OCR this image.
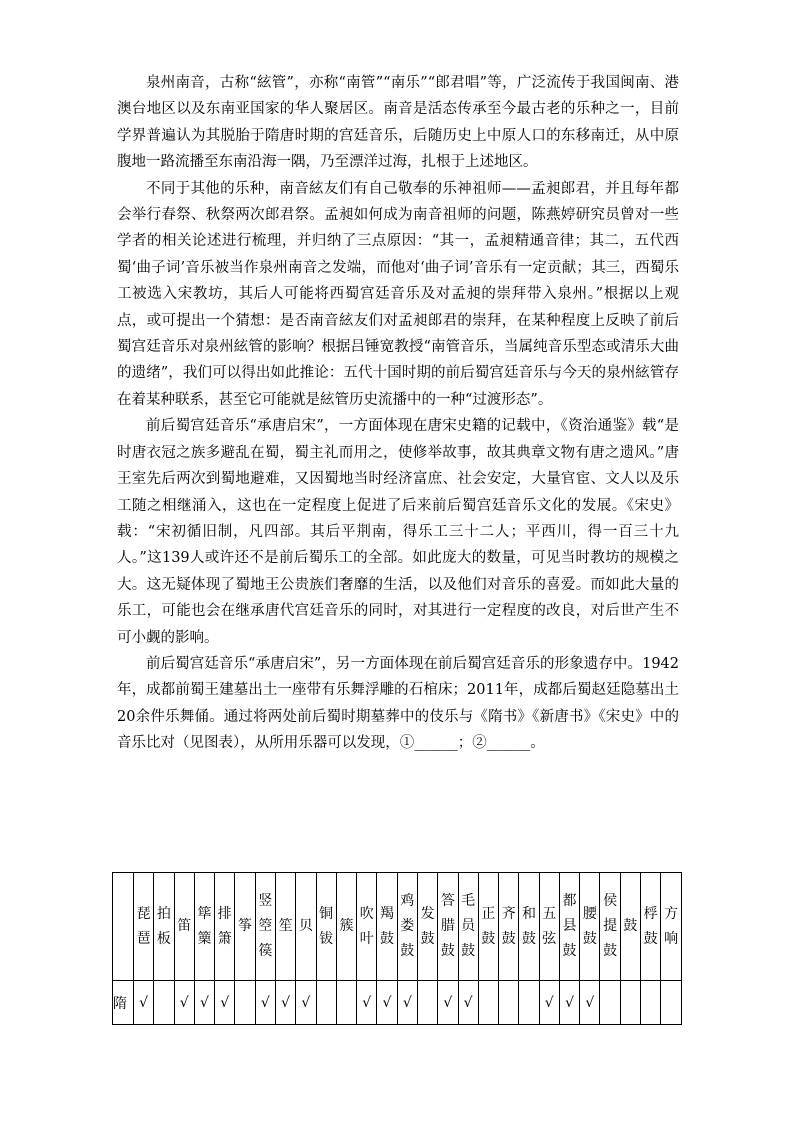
泉州南音，古称“絃管”，亦称“南管”“南乐”“郎君唱”等，广泛流传于我国闽南、港澳台地区以及东南亚国家的华人聚居区。南音是活态传承至今最古老的乐种之一，目前学界普遍认为其脱胎于隋唐时期的宫廷音乐，后随历史上中原人口的东移南迁，从中原腹地一路流播至东南沿海一隅，乃至漂洋过海，扎根于上述地区。

不同于其他的乐种，南音絃友们有自己敬奉的乐神祖师——孟昶郎君，并且每年都会举行春祭、秋祭两次郎君祭。孟昶如何成为南音祖师的问题，陈燕婷研究员曾对一些学者的相关论述进行梳理，并归纳了三点原因：“其一，孟昶精通音律；其二，五代西蜀‘曲子词’音乐被当作泉州南音之发端，而他对‘曲子词’音乐有一定贡献；其三，西蜀乐工被选入宋教坊，其后人可能将西蜀宫廷音乐及对孟昶的崇拜带入泉州。”根据以上观点，或可提出一个猜想：是否南音絃友们对孟昶郎君的崇拜，在某种程度上反映了前后蜀宫廷音乐对泉州絃管的影响？根据吕锤宽教授“南管音乐，当属纯音乐型态或清乐大曲的遗绪”，我们可以得出如此推论：五代十国时期的前后蜀宫廷音乐与今天的泉州絃管存在着某种联系，甚至它可能就是絃管历史流播中的一种“过渡形态”。

前后蜀宫廷音乐“承唐启宋”，一方面体现在唐宋史籍的记载中，《资治通鉴》载“是时唐衣冠之族多避乱在蜀，蜀主礼而用之，使修举故事，故其典章文物有唐之遗风。”唐王室先后两次到蜀地避难，又因蜀地当时经济富庶、社会安定，大量官宦、文人以及乐工随之相继涌入，这也在一定程度上促进了后来前后蜀宫廷音乐文化的发展。《宋史》载：“宋初循旧制，凡四部。其后平荆南，得乐工三十二人；平西川，得一百三十九人。”这139人或许还不是前后蜀乐工的全部。如此庞大的数量，可见当时教坊的规模之大。这无疑体现了蜀地王公贵族们奢靡的生活，以及他们对音乐的喜爱。而如此大量的乐工，可能也会在继承唐代宫廷音乐的同时，对其进行一定程度的改良，对后世产生不可小觑的影响。

前后蜀宫廷音乐“承唐启宋”，另一方面体现在前后蜀宫廷音乐的形象遗存中。1942年，成都前蜀王建墓出土一座带有乐舞浮雕的石棺床；2011年，成都后蜀赵廷隐墓出土20余件乐舞俑。通过将两处前后蜀时期墓葬中的伎乐与《隋书》《新唐书》《宋史》中的音乐比对（见图表），从所用乐器可以发现，①______；②______。

	琵琶	拍板	笛	筚篥	排箫	筝	竖箜篌	笙	贝	铜钹	簇	吹叶	羯鼓	鸡娄鼓	发鼓	答腊鼓	毛员鼓	正鼓	齐鼓	和鼓	五弦	都县鼓	腰鼓	侯提鼓	鼓	桴鼓	方响
隋	√		√	√	√		√	√	√			√	√	√		√	√				√	√	√				
